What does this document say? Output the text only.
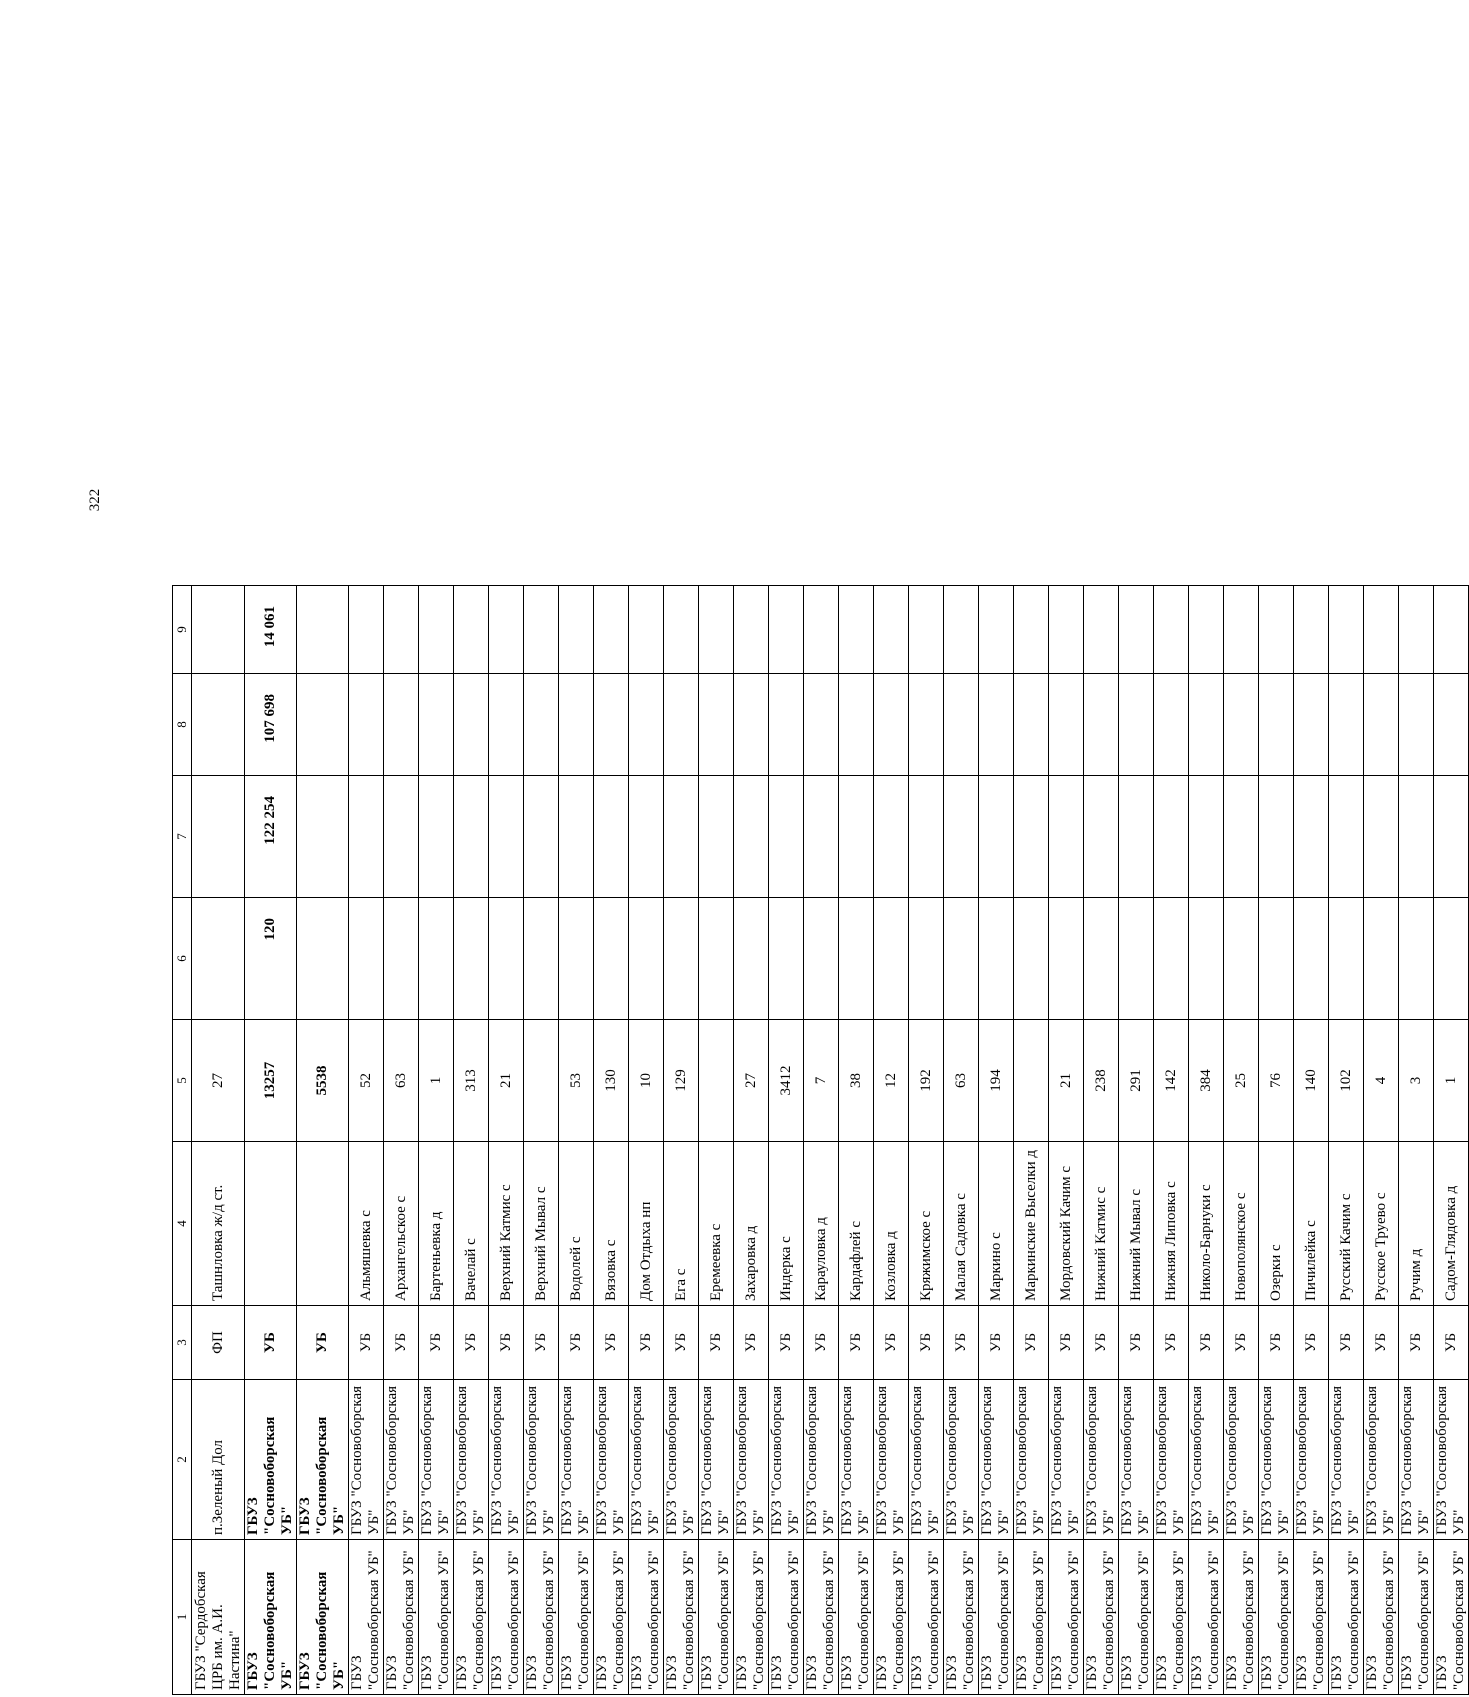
322
1	2	3	4	5	6	7	8	9
ГБУЗ "Сердобская ЦРБ им. А.И. Настина"	п.Зеленый Дол	ФП	Ташнловка ж/д ст.	27				
ГБУЗ "Сосновоборская УБ"	ГБУЗ "Сосновоборская УБ"	УБ		13257	120	122 254	107 698	14 061
ГБУЗ "Сосновоборская УБ"	ГБУЗ "Сосновоборская УБ"	УБ		5538				
ГБУЗ "Сосновоборская УБ"	ГБУЗ "Сосновоборская УБ"	УБ	Альмяшевка с	52				
ГБУЗ "Сосновоборская УБ"	ГБУЗ "Сосновоборская УБ"	УБ	Архангельское с	63				
ГБУЗ "Сосновоборская УБ"	ГБУЗ "Сосновоборская УБ"	УБ	Бартеньевка д	1				
ГБУЗ "Сосновоборская УБ"	ГБУЗ "Сосновоборская УБ"	УБ	Вачелай с	313				
ГБУЗ "Сосновоборская УБ"	ГБУЗ "Сосновоборская УБ"	УБ	Верхний Катмис с	21				
ГБУЗ "Сосновоборская УБ"	ГБУЗ "Сосновоборская УБ"	УБ	Верхний Мывал с					
ГБУЗ "Сосновоборская УБ"	ГБУЗ "Сосновоборская УБ"	УБ	Водолей с	53				
ГБУЗ "Сосновоборская УБ"	ГБУЗ "Сосновоборская УБ"	УБ	Вязовка с	130				
ГБУЗ "Сосновоборская УБ"	ГБУЗ "Сосновоборская УБ"	УБ	Дом Отдыха нп	10				
ГБУЗ "Сосновоборская УБ"	ГБУЗ "Сосновоборская УБ"	УБ	Ега с	129				
ГБУЗ "Сосновоборская УБ"	ГБУЗ "Сосновоборская УБ"	УБ	Еремеевка с					
ГБУЗ "Сосновоборская УБ"	ГБУЗ "Сосновоборская УБ"	УБ	Захаровка д	27				
ГБУЗ "Сосновоборская УБ"	ГБУЗ "Сосновоборская УБ"	УБ	Индерка с	3412				
ГБУЗ "Сосновоборская УБ"	ГБУЗ "Сосновоборская УБ"	УБ	Карауловка д	7				
ГБУЗ "Сосновоборская УБ"	ГБУЗ "Сосновоборская УБ"	УБ	Кардафлей с	38				
ГБУЗ "Сосновоборская УБ"	ГБУЗ "Сосновоборская УБ"	УБ	Козловка д	12				
ГБУЗ "Сосновоборская УБ"	ГБУЗ "Сосновоборская УБ"	УБ	Кряжимское с	192				
ГБУЗ "Сосновоборская УБ"	ГБУЗ "Сосновоборская УБ"	УБ	Малая Садовка с	63				
ГБУЗ "Сосновоборская УБ"	ГБУЗ "Сосновоборская УБ"	УБ	Маркино с	194				
ГБУЗ "Сосновоборская УБ"	ГБУЗ "Сосновоборская УБ"	УБ	Маркинские Выселки д					
ГБУЗ "Сосновоборская УБ"	ГБУЗ "Сосновоборская УБ"	УБ	Мордовский Качим с	21				
ГБУЗ "Сосновоборская УБ"	ГБУЗ "Сосновоборская УБ"	УБ	Нижний Катмис с	238				
ГБУЗ "Сосновоборская УБ"	ГБУЗ "Сосновоборская УБ"	УБ	Нижний Мывал с	291				
ГБУЗ "Сосновоборская УБ"	ГБУЗ "Сосновоборская УБ"	УБ	Нижняя Липовка с	142				
ГБУЗ "Сосновоборская УБ"	ГБУЗ "Сосновоборская УБ"	УБ	Николо-Барнуки с	384				
ГБУЗ "Сосновоборская УБ"	ГБУЗ "Сосновоборская УБ"	УБ	Новополянское с	25				
ГБУЗ "Сосновоборская УБ"	ГБУЗ "Сосновоборская УБ"	УБ	Озерки с	76				
ГБУЗ "Сосновоборская УБ"	ГБУЗ "Сосновоборская УБ"	УБ	Пичилейка с	140				
ГБУЗ "Сосновоборская УБ"	ГБУЗ "Сосновоборская УБ"	УБ	Русский Качим с	102				
ГБУЗ "Сосновоборская УБ"	ГБУЗ "Сосновоборская УБ"	УБ	Русское Труево с	4				
ГБУЗ "Сосновоборская УБ"	ГБУЗ "Сосновоборская УБ"	УБ	Ручим д	3				
ГБУЗ "Сосновоборская УБ"	ГБУЗ "Сосновоборская УБ"	УБ	Садом-Глядовка д	1				
